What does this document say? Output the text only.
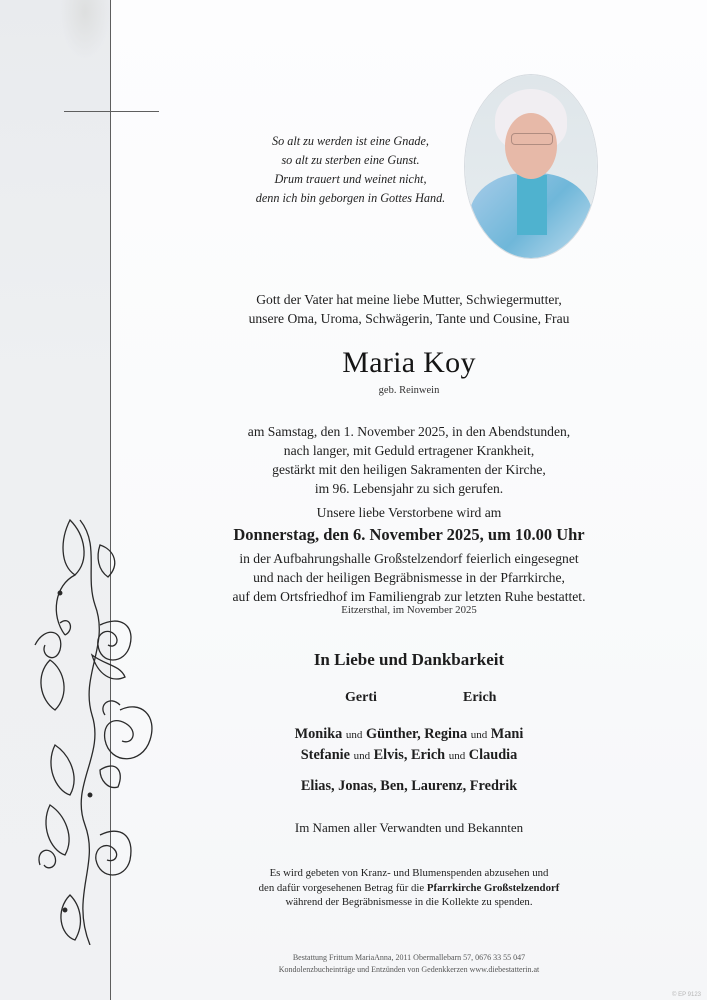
So alt zu werden ist eine Gnade,
so alt zu sterben eine Gunst.
Drum trauert und weinet nicht,
denn ich bin geborgen in Gottes Hand.
Gott der Vater hat meine liebe Mutter, Schwiegermutter,
unsere Oma, Uroma, Schwägerin, Tante und Cousine, Frau
Maria Koy
geb. Reinwein
am Samstag, den 1. November 2025, in den Abendstunden,
nach langer, mit Geduld ertragener Krankheit,
gestärkt mit den heiligen Sakramenten der Kirche,
im 96. Lebensjahr zu sich gerufen.
Unsere liebe Verstorbene wird am
Donnerstag, den 6. November 2025, um 10.00 Uhr
in der Aufbahrungshalle Großstelzendorf feierlich eingesegnet
und nach der heiligen Begräbnismesse in der Pfarrkirche,
auf dem Ortsfriedhof im Familiengrab zur letzten Ruhe bestattet.
Eitzersthal, im November 2025
In Liebe und Dankbarkeit
Gerti	Erich
Monika und Günther, Regina und Mani
Stefanie und Elvis, Erich und Claudia
Elias, Jonas, Ben, Laurenz, Fredrik
Im Namen aller Verwandten und Bekannten
Es wird gebeten von Kranz- und Blumenspenden abzusehen und
den dafür vorgesehenen Betrag für die Pfarrkirche Großstelzendorf
während der Begräbnismesse in die Kollekte zu spenden.
Bestattung Frittum MariaAnna, 2011 Obermallebarn 57, 0676 33 55 047
Kondolenzbucheinträge und Entzünden von Gedenkkerzen www.diebestatterin.at
© EP 9123
